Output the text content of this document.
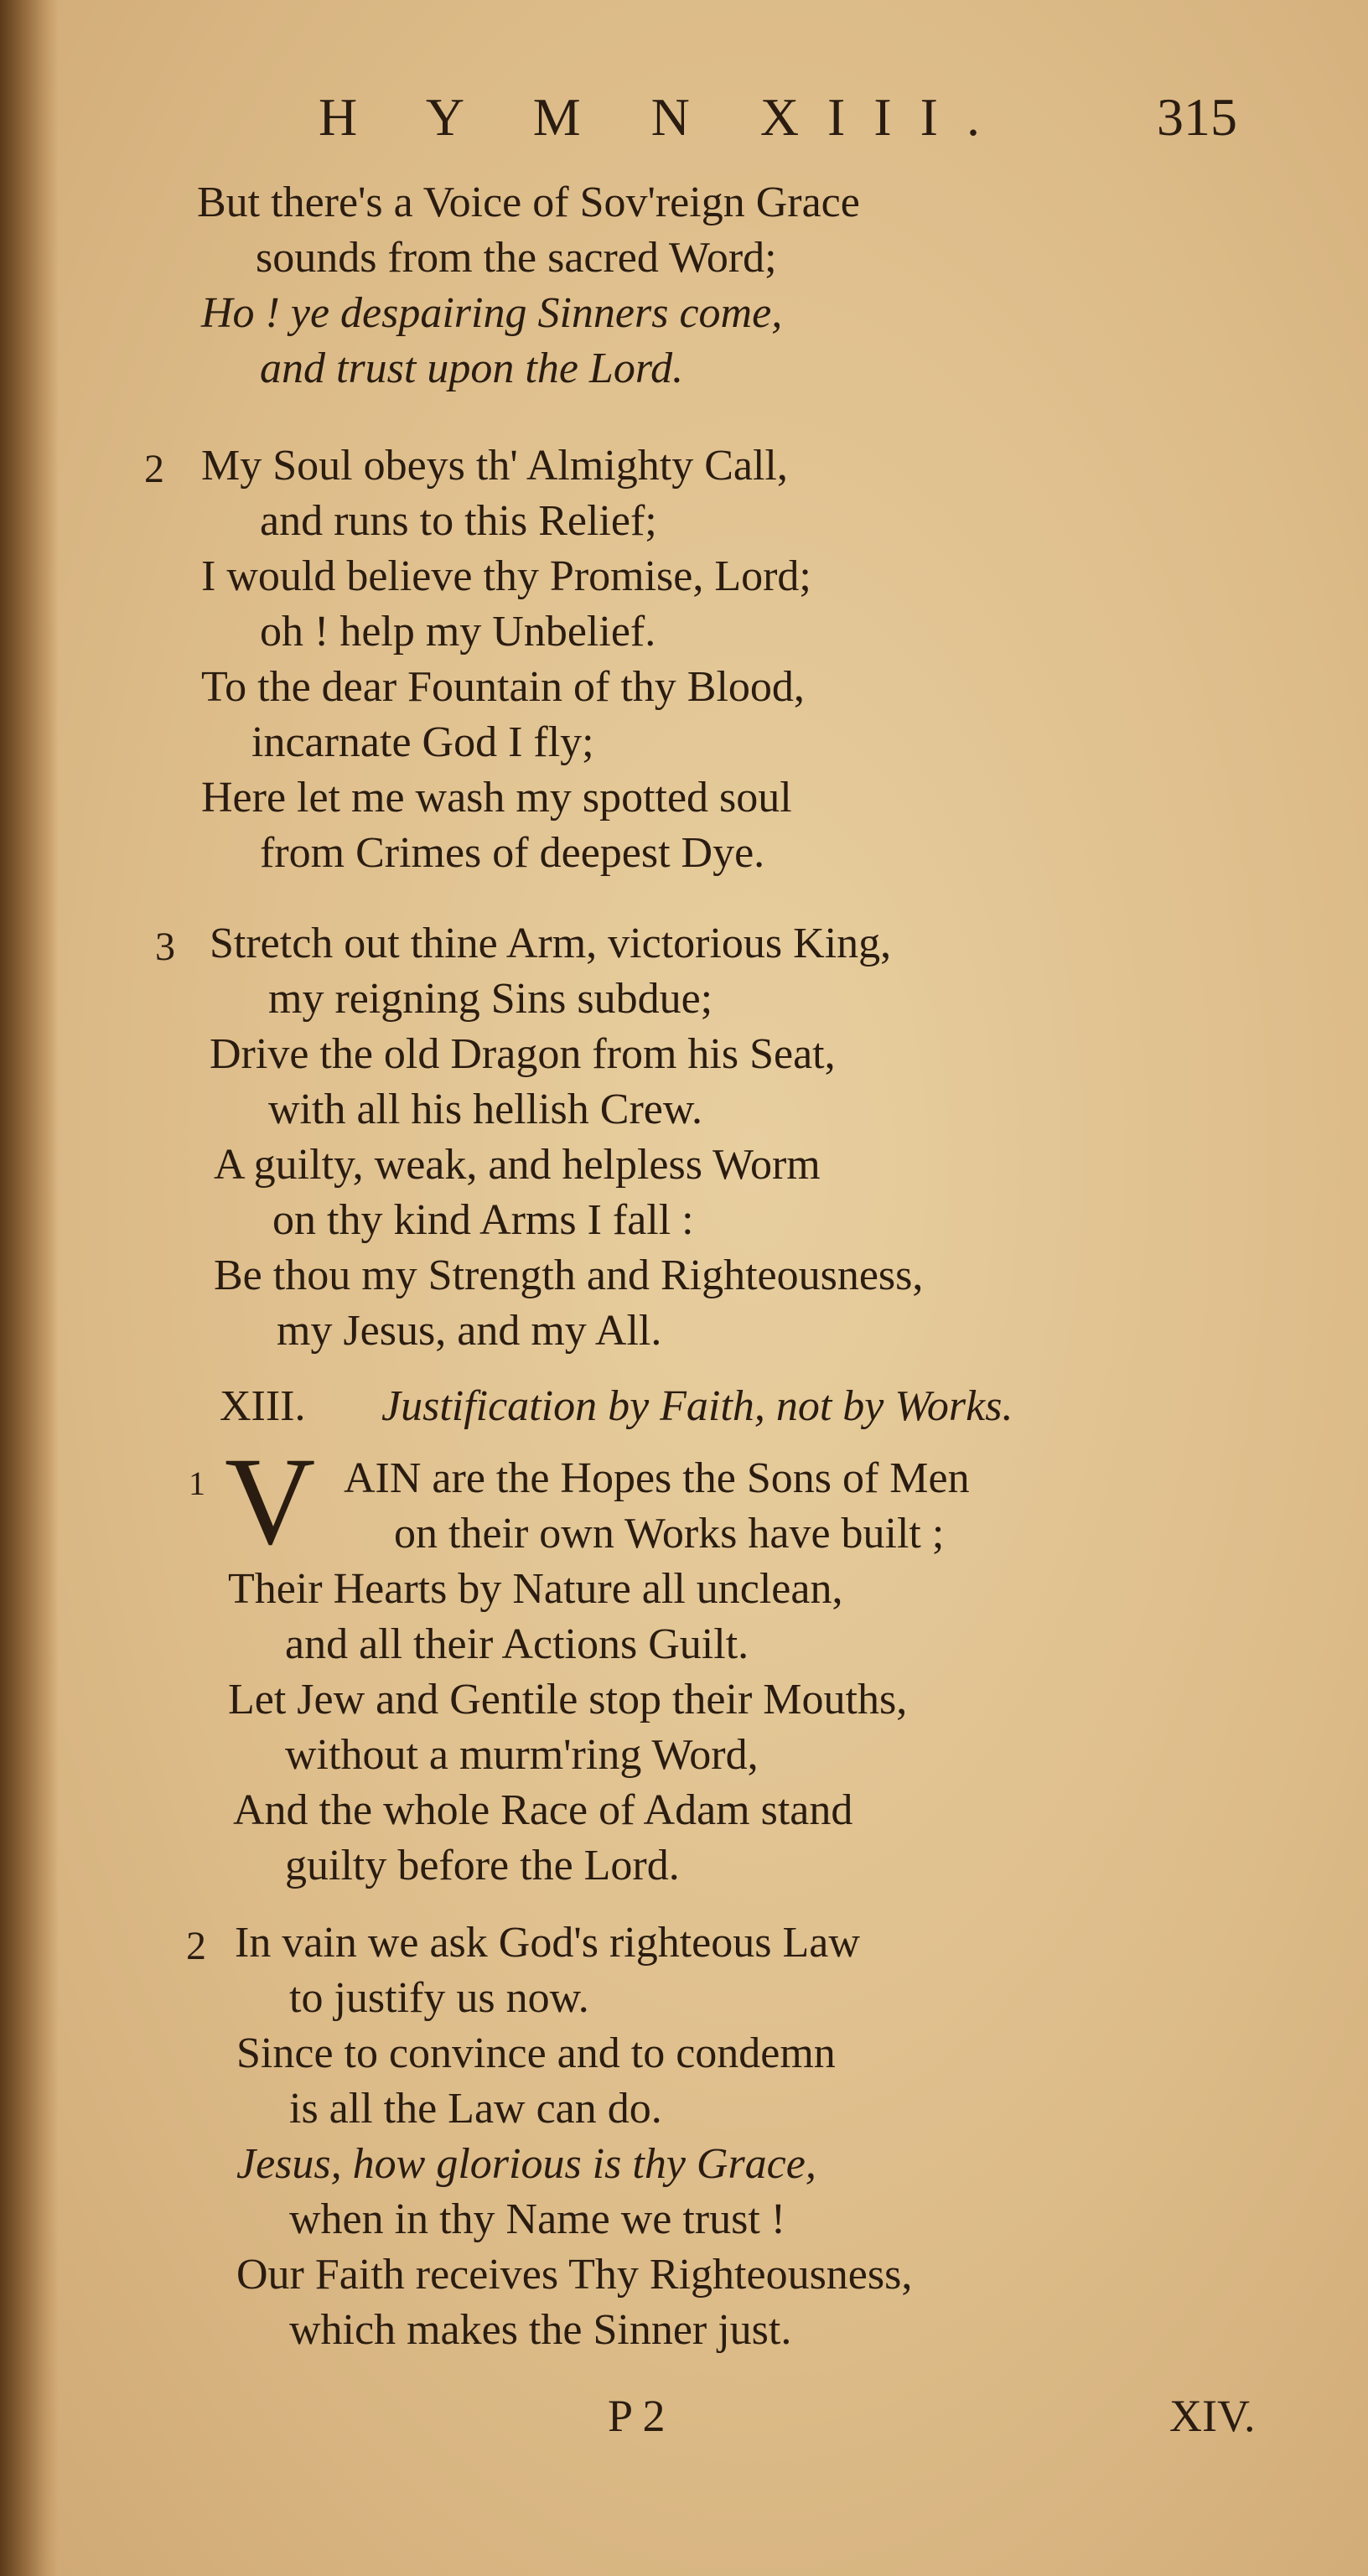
H Y M N XIII.	315
But there's a Voice of Sov'reign Grace
sounds from the sacred Word;
Ho ! ye despairing Sinners come,
and trust upon the Lord.
2 My Soul obeys th' Almighty Call,
and runs to this Relief;
I would believe thy Promise, Lord;
oh ! help my Unbelief.
To the dear Fountain of thy Blood,
incarnate God I fly;
Here let me wash my spotted soul
from Crimes of deepest Dye.
3 Stretch out thine Arm, victorious King,
my reigning Sins subdue;
Drive the old Dragon from his Seat,
with all his hellish Crew.
A guilty, weak, and helpless Worm
on thy kind Arms I fall :
Be thou my Strength and Righteousness,
my Jesus, and my All.
XIII. Justification by Faith, not by Works.
1 V AIN are the Hopes the Sons of Men
on their own Works have built ;
Their Hearts by Nature all unclean,
and all their Actions Guilt.
Let Jew and Gentile stop their Mouths,
without a murm'ring Word,
And the whole Race of Adam stand
guilty before the Lord.
2 In vain we ask God's righteous Law
to justify us now.
Since to convince and to condemn
is all the Law can do.
Jesus, how glorious is thy Grace,
when in thy Name we trust !
Our Faith receives Thy Righteousness,
which makes the Sinner just.
P 2	XIV.
